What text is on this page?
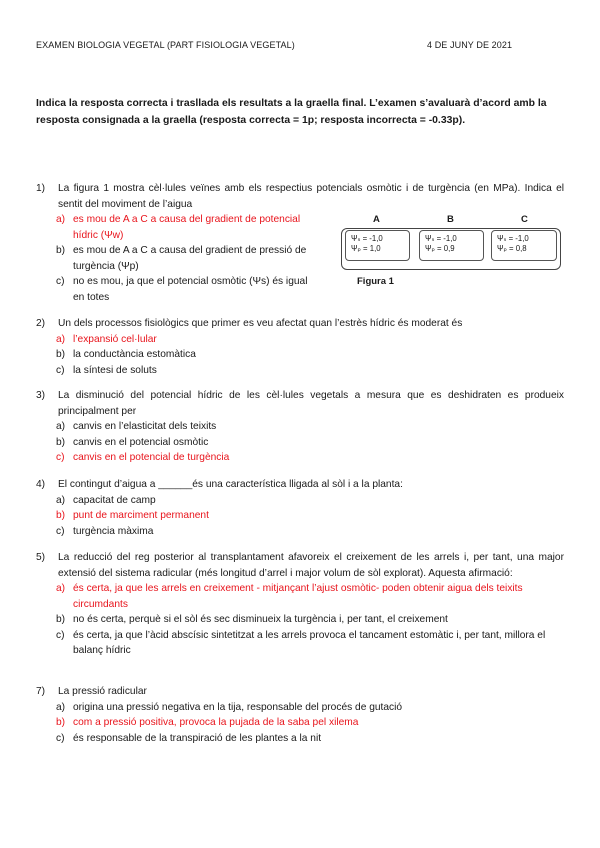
EXAMEN BIOLOGIA VEGETAL (PART FISIOLOGIA VEGETAL)	4 DE JUNY DE 2021
Indica la resposta correcta i trasllada els resultats a la graella final. L’examen s’avaluarà d’acord amb la resposta consignada a la graella (resposta correcta = 1p; resposta incorrecta = -0.33p).
1)	La figura 1 mostra cèl·lules veïnes amb els respectius potencials osmòtic i de turgència (en MPa). Indica el sentit del moviment de l’aigua
a) es mou de A a C a causa del gradient de potencial hídric (Ψw)
b) es mou de A a C a causa del gradient de pressió de turgència (Ψp)
c) no es mou, ja que el potencial osmòtic (Ψs) és igual en totes
A	B	C
Ψₛ = -1,0
Ψₚ = 1,0
Ψₛ = -1,0
Ψₚ = 0,9
Ψₛ = -1,0
Ψₚ = 0,8
Figura 1
2)	Un dels processos fisiològics que primer es veu afectat quan l’estrès hídric és moderat és
a) l’expansió cel·lular
b) la conductància estomàtica
c) la síntesi de soluts
3)	La disminució del potencial hídric de les cèl·lules vegetals a mesura que es deshidraten es produeix principalment per
a) canvis en l’elasticitat dels teixits
b) canvis en el potencial osmòtic
c) canvis en el potencial de turgència
4)	El contingut d’aigua a ______és una característica lligada al sòl i a la planta:
a) capacitat de camp
b) punt de marciment permanent
c) turgència màxima
5)	La reducció del reg posterior al transplantament afavoreix el creixement de les arrels i, per tant, una major extensió del sistema radicular (més longitud d’arrel i major volum de sòl explorat). Aquesta afirmació:
a) és certa, ja que les arrels en creixement - mitjançant l’ajust osmòtic- poden obtenir aigua dels teixits circumdants
b) no és certa, perquè si el sòl és sec disminueix la turgència i, per tant, el creixement
c) és certa, ja que l’àcid abscísic sintetitzat a les arrels provoca el tancament estomàtic i, per tant, millora el balanç hídric
7)	La pressió radicular
a) origina una pressió negativa en la tija, responsable del procés de gutació
b) com a pressió positiva, provoca la pujada de la saba pel xilema
c) és responsable de la transpiració de les plantes a la nit
